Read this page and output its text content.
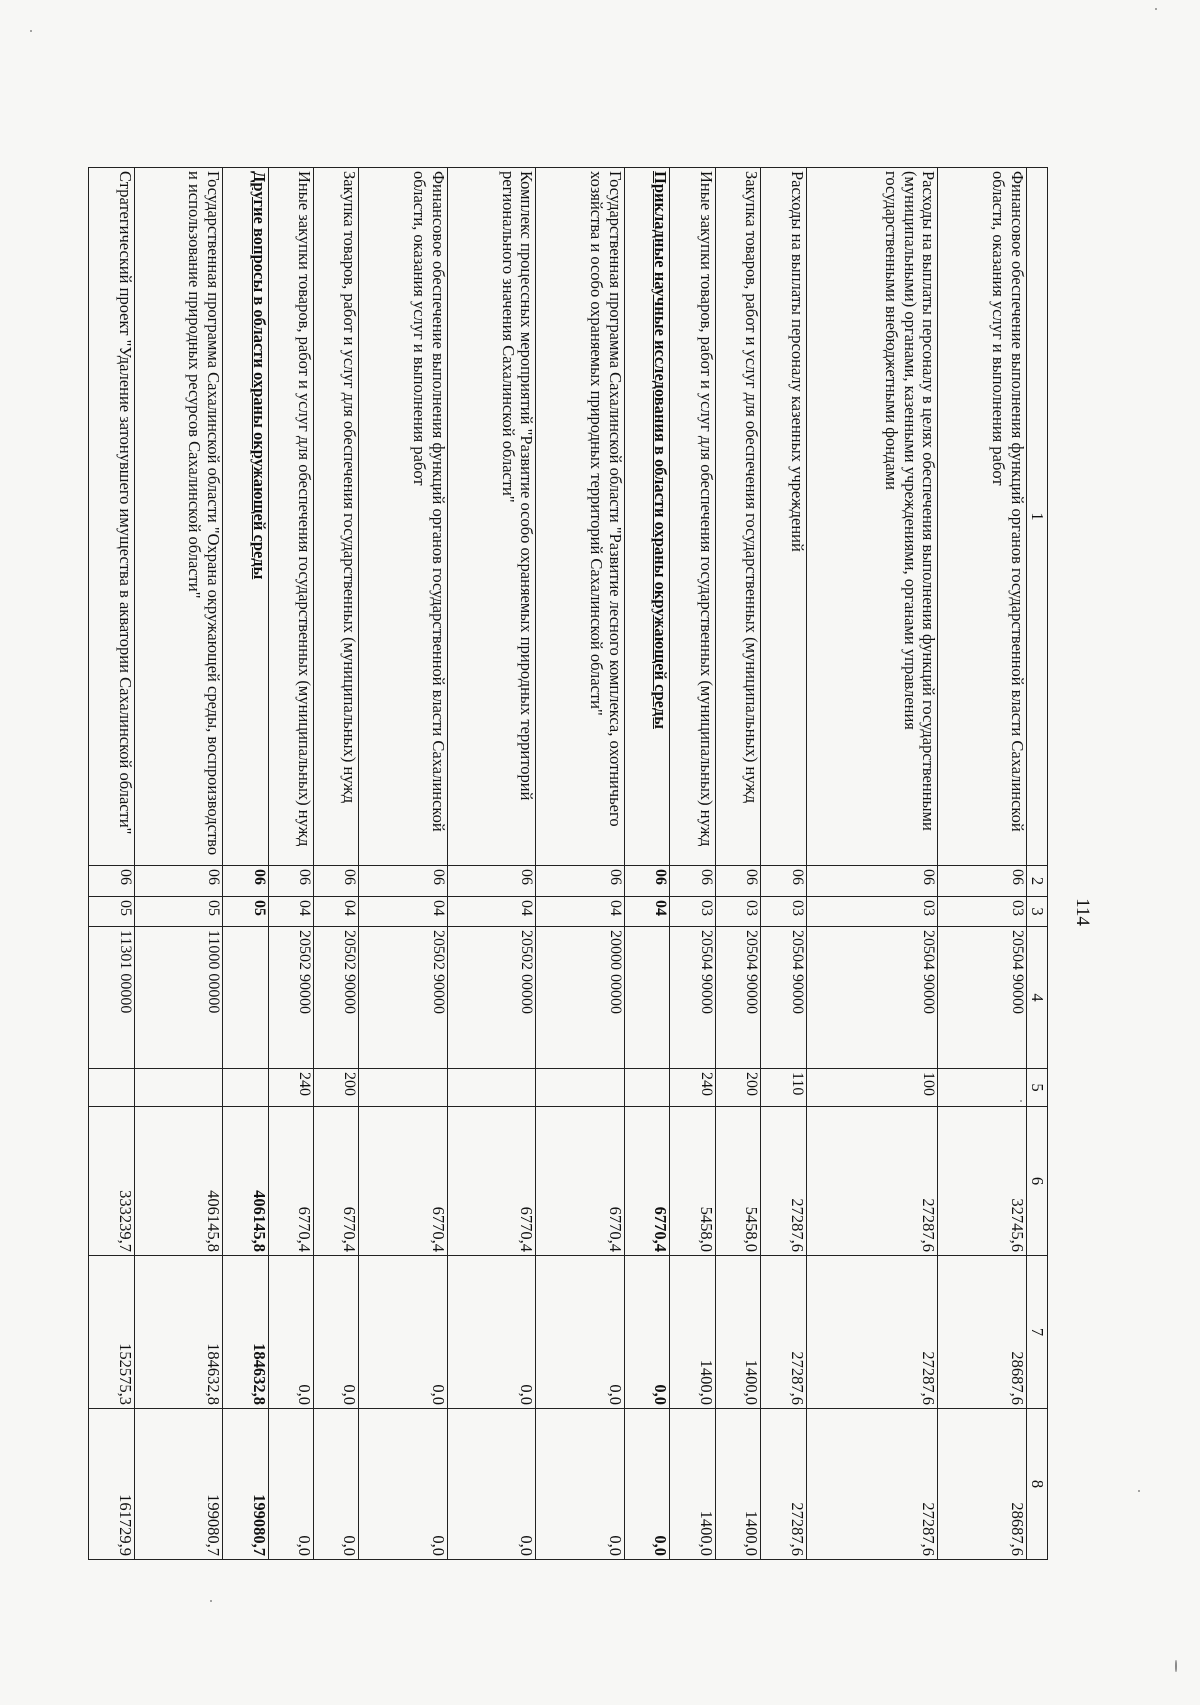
114
1	2	3	4	5	6	7	8
Финансовое обеспечение выполнения функций органов государственной власти Сахалинской области, оказания услуг и выполнения работ	06	03	20504 90000		32745,6	28687,6	28687,6
Расходы на выплаты персоналу в целях обеспечения выполнения функций государственными (муниципальными) органами, казенными учреждениями, органами управления государственными внебюджетными фондами	06	03	20504 90000	100	27287,6	27287,6	27287,6
Расходы на выплаты персоналу казенных учреждений	06	03	20504 90000	110	27287,6	27287,6	27287,6
Закупка товаров, работ и услуг для обеспечения государственных (муниципальных) нужд	06	03	20504 90000	200	5458,0	1400,0	1400,0
Иные закупки товаров, работ и услуг для обеспечения государственных (муниципальных) нужд	06	03	20504 90000	240	5458,0	1400,0	1400,0
Прикладные научные исследования в области охраны окружающей среды	06	04			6770,4	0,0	0,0
Государственная программа Сахалинской области "Развитие лесного комплекса, охотничьего хозяйства и особо охраняемых природных территорий Сахалинской области"	06	04	20000 00000		6770,4	0,0	0,0
Комплекс процессных мероприятий "Развитие особо охраняемых природных территорий регионального значения Сахалинской области"	06	04	20502 00000		6770,4	0,0	0,0
Финансовое обеспечение выполнения функций органов государственной власти Сахалинской области, оказания услуг и выполнения работ	06	04	20502 90000		6770,4	0,0	0,0
Закупка товаров, работ и услуг для обеспечения государственных (муниципальных) нужд	06	04	20502 90000	200	6770,4	0,0	0,0
Иные закупки товаров, работ и услуг для обеспечения государственных (муниципальных) нужд	06	04	20502 90000	240	6770,4	0,0	0,0
Другие вопросы в области охраны окружающей среды	06	05			406145,8	184632,8	199080,7
Государственная программа Сахалинской области "Охрана окружающей среды, воспроизводство и использование природных ресурсов Сахалинской области"	06	05	11000 00000		406145,8	184632,8	199080,7
Стратегический проект "Удаление затонувшего имущества в акватории Сахалинской области"	06	05	11301 00000		333239,7	152575,3	161729,9
